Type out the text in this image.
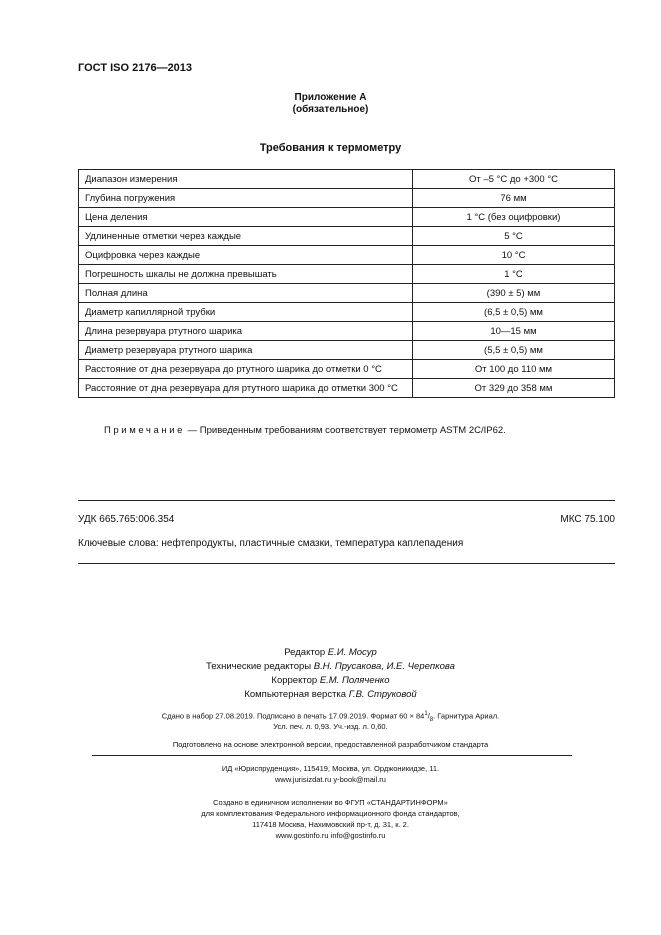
ГОСТ ISO 2176—2013
Приложение А
(обязательное)
Требования к термометру
Диапазон измерения	От –5 °С до +300 °С
Глубина погружения	76 мм
Цена деления	1 °С (без оцифровки)
Удлиненные отметки через каждые	5 °С
Оцифровка через каждые	10 °С
Погрешность шкалы не должна превышать	1 °С
Полная длина	(390 ± 5) мм
Диаметр капиллярной трубки	(6,5 ± 0,5) мм
Длина резервуара ртутного шарика	10—15 мм
Диаметр резервуара ртутного шарика	(5,5 ± 0,5) мм
Расстояние от дна резервуара до ртутного шарика до отметки 0 °С	От 100 до 110 мм
Расстояние от дна резервуара для ртутного шарика до отметки 300 °С	От 329 до 358 мм
Примечание — Приведенным требованиям соответствует термометр ASTM 2C/IP62.
УДК 665.765:006.354	МКС 75.100
Ключевые слова: нефтепродукты, пластичные смазки, температура каплепадения
Редактор Е.И. Мосур
Технические редакторы В.Н. Прусакова, И.Е. Черепкова
Корректор Е.М. Поляченко
Компьютерная верстка Г.В. Струковой
Сдано в набор 27.08.2019. Подписано в печать 17.09.2019. Формат $60 \times 84^1/_8$. Гарнитура Ариал.
Усл. печ. л. 0,93. Уч.-изд. л. 0,60.
Подготовлено на основе электронной версии, предоставленной разработчиком стандарта
ИД «Юриспруденция», 115419, Москва, ул. Орджоникидзе, 11.
www.jurisizdat.ru y-book@mail.ru
Создано в единичном исполнении во ФГУП «СТАНДАРТИНФОРМ»
для комплектования Федерального информационного фонда стандартов,
117418 Москва, Нахимовский пр-т, д. 31, к. 2.
www.gostinfo.ru info@gostinfo.ru
